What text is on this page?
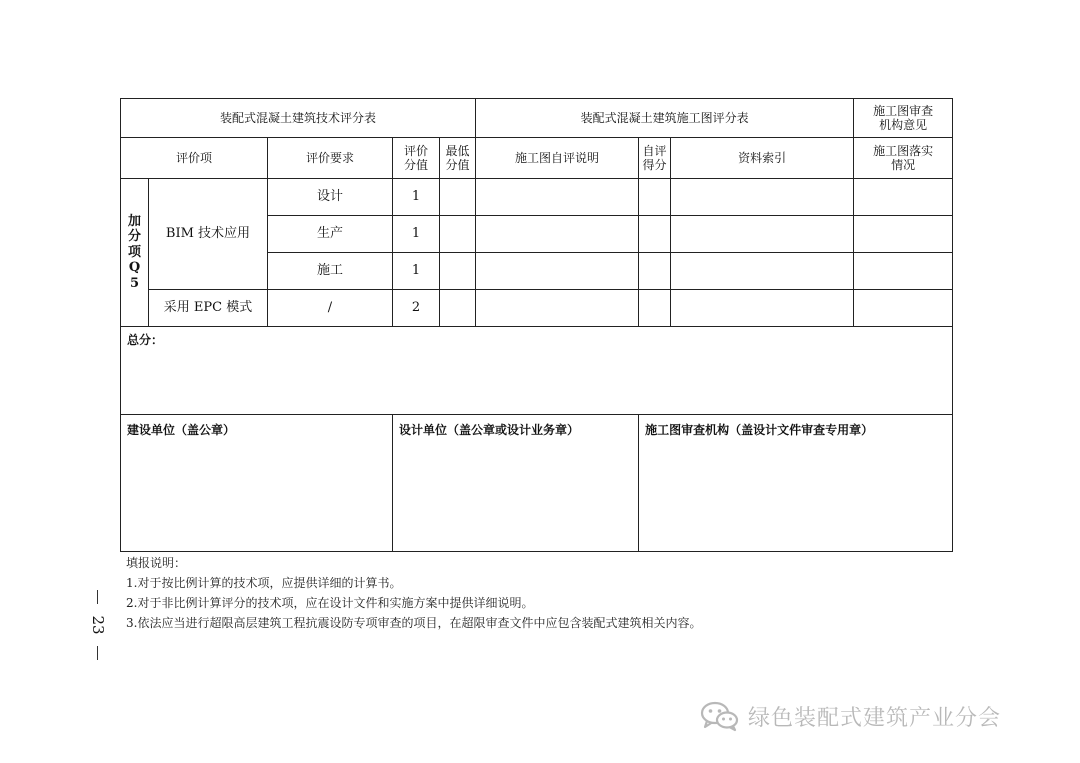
装配式混凝土建筑技术评分表					装配式混凝土建筑施工图评分表			施工图审查机构意见
评价项		评价要求	评价分值	最低分值	施工图自评说明	自评得分	资料索引	施工图落实情况

加
分
项
Q
5	BIM 技术应用	设计	1					
		生产	1					
		施工	1					
	采用 EPC 模式	/	2					
总分：								
建设单位（盖公章）			设计单位（盖公章或设计业务章）			施工图审查机构（盖设计文件审查专用章）		
填报说明：
1.对于按比例计算的技术项，应提供详细的计算书。
2.对于非比例计算评分的技术项，应在设计文件和实施方案中提供详细说明。
3.依法应当进行超限高层建筑工程抗震设防专项审查的项目，在超限审查文件中应包含装配式建筑相关内容。
23
绿色装配式建筑产业分会
